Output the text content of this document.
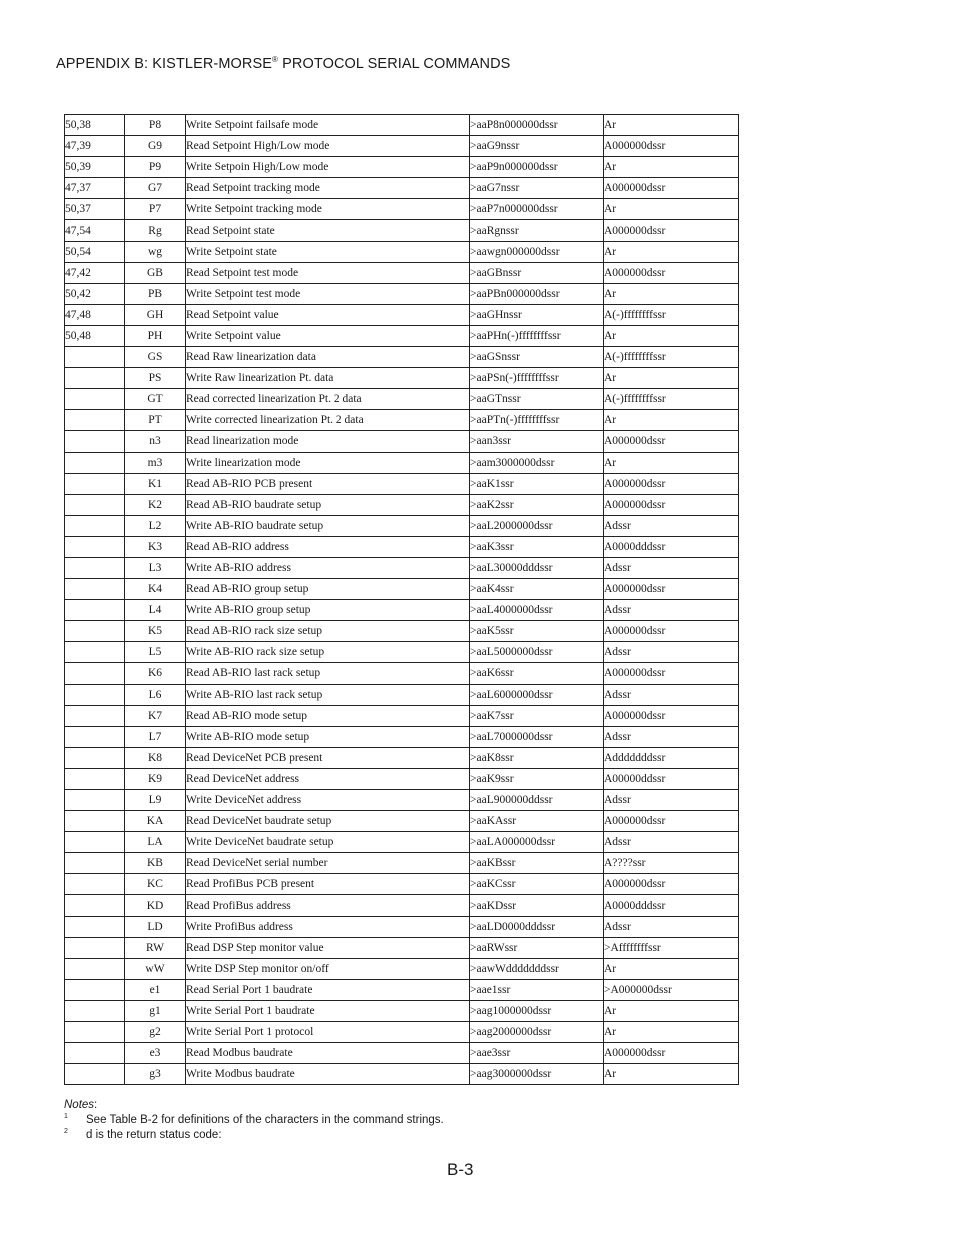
APPENDIX B: KISTLER-MORSE® PROTOCOL SERIAL COMMANDS
50,38	P8	Write Setpoint failsafe mode	>aaP8n000000dssr	Ar
47,39	G9	Read Setpoint High/Low mode	>aaG9nssr	A000000dssr
50,39	P9	Write Setpoin High/Low mode	>aaP9n000000dssr	Ar
47,37	G7	Read Setpoint tracking mode	>aaG7nssr	A000000dssr
50,37	P7	Write Setpoint tracking mode	>aaP7n000000dssr	Ar
47,54	Rg	Read Setpoint state	>aaRgnssr	A000000dssr
50,54	wg	Write Setpoint state	>aawgn000000dssr	Ar
47,42	GB	Read Setpoint test mode	>aaGBnssr	A000000dssr
50,42	PB	Write Setpoint test mode	>aaPBn000000dssr	Ar
47,48	GH	Read Setpoint value	>aaGHnssr	A(-)ffffffffssr
50,48	PH	Write Setpoint value	>aaPHn(-)ffffffffssr	Ar
	GS	Read Raw linearization data	>aaGSnssr	A(-)ffffffffssr
	PS	Write Raw linearization Pt. data	>aaPSn(-)ffffffffssr	Ar
	GT	Read corrected linearization Pt. 2 data	>aaGTnssr	A(-)ffffffffssr
	PT	Write corrected linearization Pt. 2 data	>aaPTn(-)ffffffffssr	Ar
	n3	Read linearization mode	>aan3ssr	A000000dssr
	m3	Write linearization mode	>aam3000000dssr	Ar
	K1	Read AB-RIO PCB present	>aaK1ssr	A000000dssr
	K2	Read AB-RIO baudrate setup	>aaK2ssr	A000000dssr
	L2	Write AB-RIO baudrate setup	>aaL2000000dssr	Adssr
	K3	Read AB-RIO address	>aaK3ssr	A0000dddssr
	L3	Write AB-RIO address	>aaL30000dddssr	Adssr
	K4	Read AB-RIO group setup	>aaK4ssr	A000000dssr
	L4	Write AB-RIO group setup	>aaL4000000dssr	Adssr
	K5	Read AB-RIO rack size setup	>aaK5ssr	A000000dssr
	L5	Write AB-RIO rack size setup	>aaL5000000dssr	Adssr
	K6	Read AB-RIO last rack setup	>aaK6ssr	A000000dssr
	L6	Write AB-RIO last rack setup	>aaL6000000dssr	Adssr
	K7	Read AB-RIO mode setup	>aaK7ssr	A000000dssr
	L7	Write AB-RIO mode setup	>aaL7000000dssr	Adssr
	K8	Read DeviceNet PCB present	>aaK8ssr	Adddddddssr
	K9	Read DeviceNet address	>aaK9ssr	A00000ddssr
	L9	Write DeviceNet address	>aaL900000ddssr	Adssr
	KA	Read DeviceNet baudrate setup	>aaKAssr	A000000dssr
	LA	Write DeviceNet baudrate setup	>aaLA000000dssr	Adssr
	KB	Read DeviceNet serial number	>aaKBssr	A????ssr
	KC	Read ProfiBus PCB present	>aaKCssr	A000000dssr
	KD	Read ProfiBus address	>aaKDssr	A0000dddssr
	LD	Write ProfiBus address	>aaLD0000dddssr	Adssr
	RW	Read DSP Step monitor value	>aaRWssr	>Affffffffssr
	wW	Write DSP Step monitor on/off	>aawWdddddddssr	Ar
	e1	Read Serial Port 1 baudrate	>aae1ssr	>A000000dssr
	g1	Write Serial Port 1 baudrate	>aag1000000dssr	Ar
	g2	Write Serial Port 1 protocol	>aag2000000dssr	Ar
	e3	Read Modbus baudrate	>aae3ssr	A000000dssr
	g3	Write Modbus baudrate	>aag3000000dssr	Ar
Notes:
1 See Table B-2 for definitions of the characters in the command strings.
2 d is the return status code:
B-3
